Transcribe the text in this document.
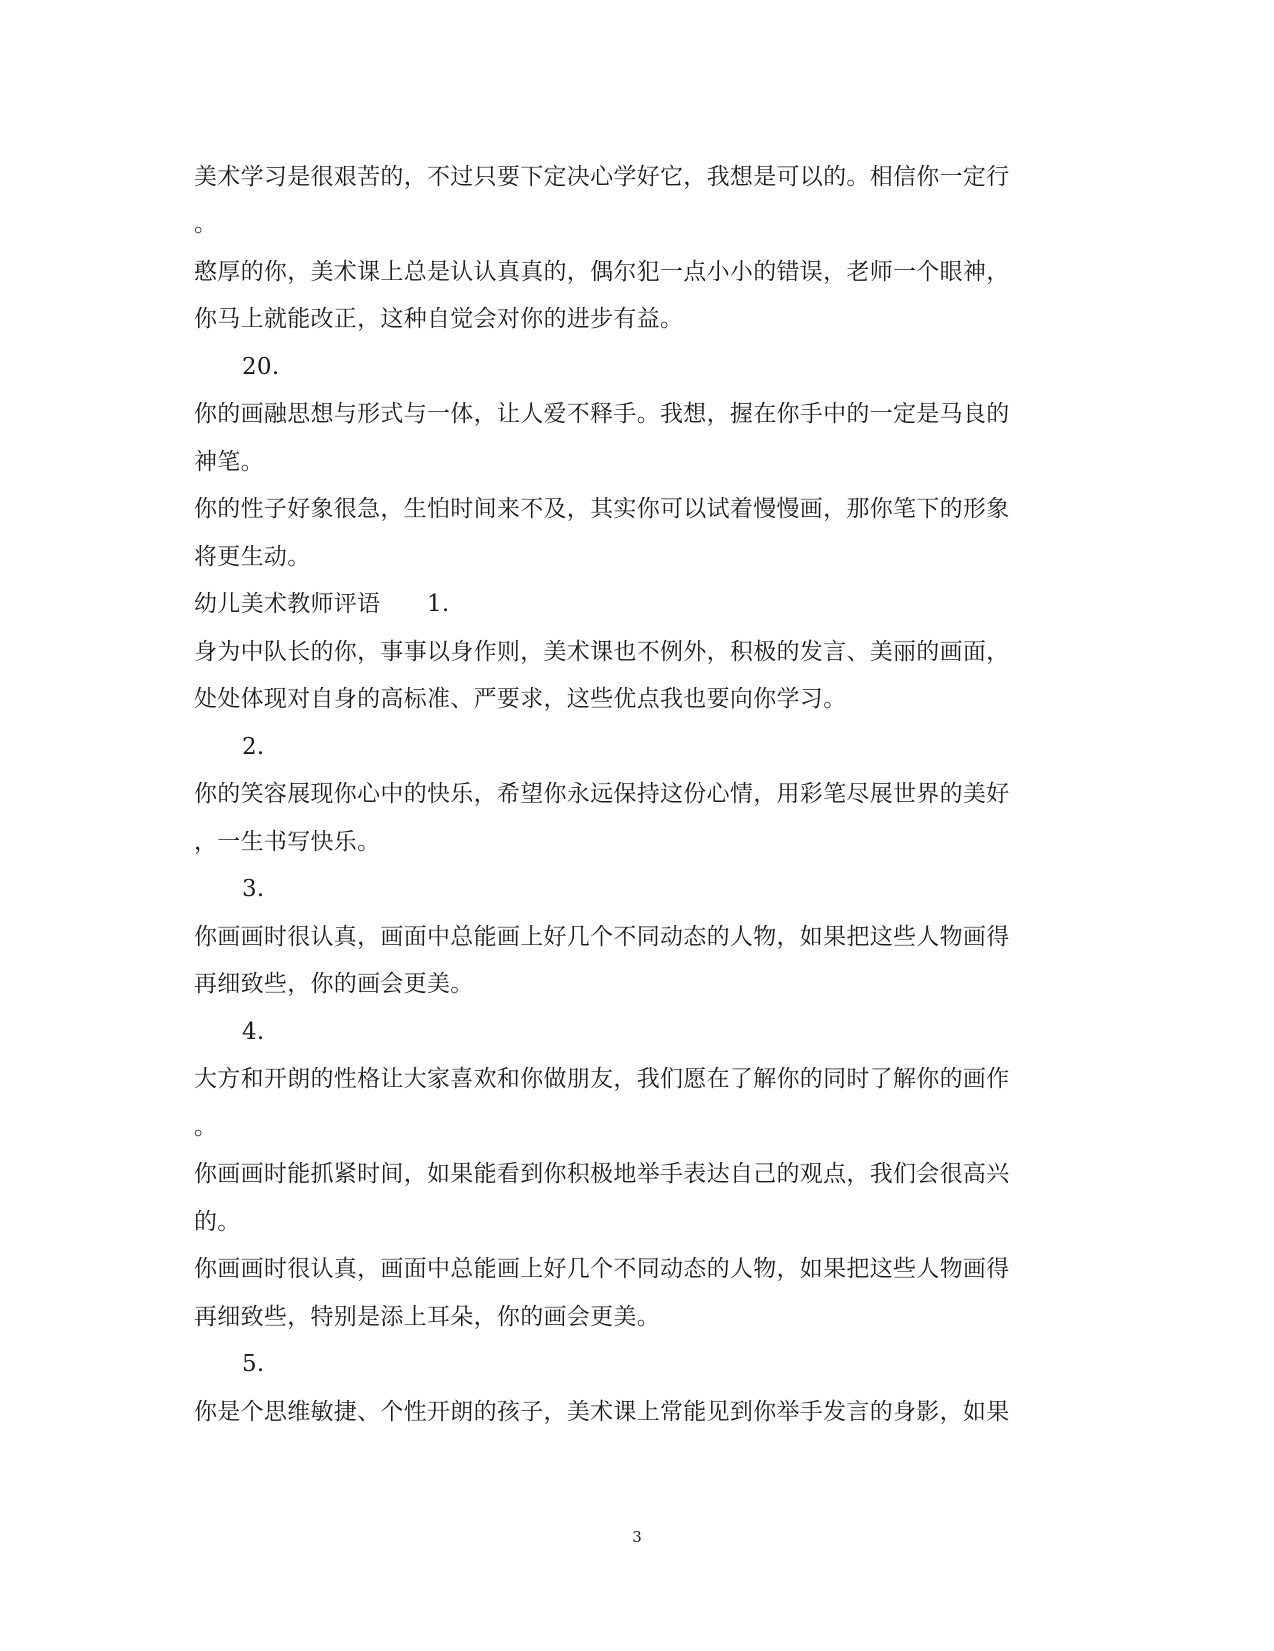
美术学习是很艰苦的，不过只要下定决心学好它，我想是可以的。相信你一定行
。
憨厚的你，美术课上总是认认真真的，偶尔犯一点小小的错误，老师一个眼神，
你马上就能改正，这种自觉会对你的进步有益。
20.
你的画融思想与形式与一体，让人爱不释手。我想，握在你手中的一定是马良的
神笔。
你的性子好象很急，生怕时间来不及，其实你可以试着慢慢画，那你笔下的形象
将更生动。
幼儿美术教师评语　　1.
身为中队长的你，事事以身作则，美术课也不例外，积极的发言、美丽的画面，
处处体现对自身的高标准、严要求，这些优点我也要向你学习。
2.
你的笑容展现你心中的快乐，希望你永远保持这份心情，用彩笔尽展世界的美好
，一生书写快乐。
3.
你画画时很认真，画面中总能画上好几个不同动态的人物，如果把这些人物画得
再细致些，你的画会更美。
4.
大方和开朗的性格让大家喜欢和你做朋友，我们愿在了解你的同时了解你的画作
。
你画画时能抓紧时间，如果能看到你积极地举手表达自己的观点，我们会很高兴
的。
你画画时很认真，画面中总能画上好几个不同动态的人物，如果把这些人物画得
再细致些，特别是添上耳朵，你的画会更美。
5.
你是个思维敏捷、个性开朗的孩子，美术课上常能见到你举手发言的身影，如果
3
